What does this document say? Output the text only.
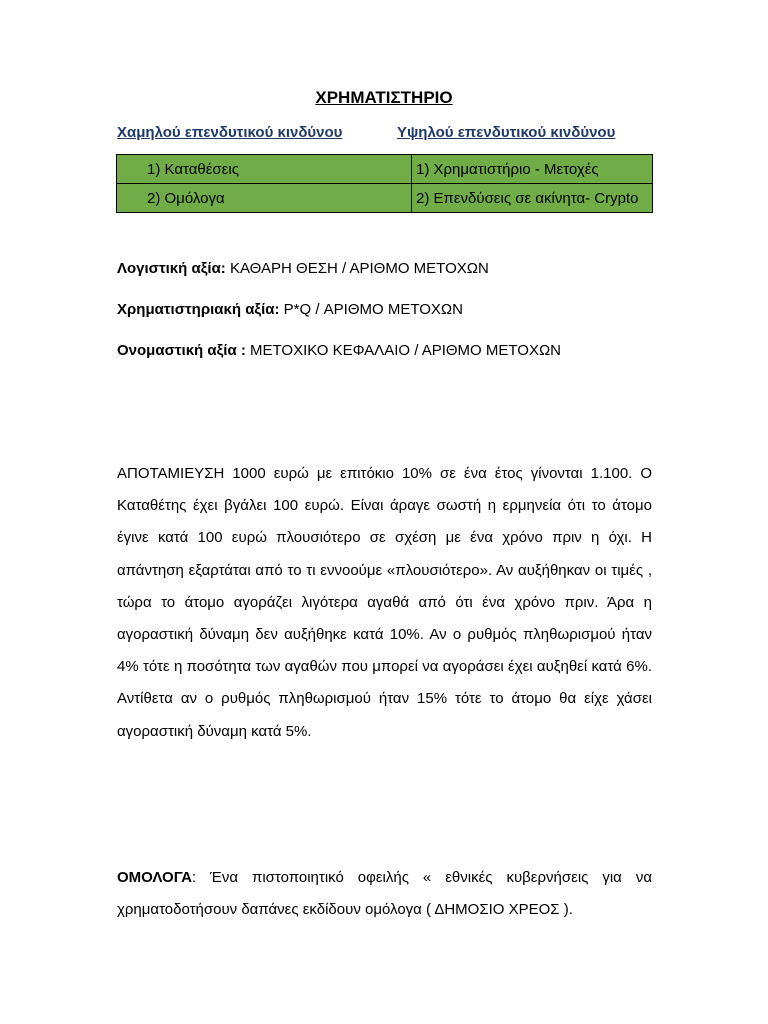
ΧΡΗΜΑΤΙΣΤΗΡΙΟ
Χαμηλού επενδυτικού κινδύνου	Υψηλού επενδυτικού κινδύνου
1) Καταθέσεις	1) Χρηματιστήριο - Μετοχές
2) Ομόλογα	2) Επενδύσεις σε ακίνητα- Crypto
Λογιστική αξία: ΚΑΘΑΡΗ ΘΕΣΗ / ΑΡΙΘΜΟ ΜΕΤΟΧΩΝ
Χρηματιστηριακή αξία: P*Q / ΑΡΙΘΜΟ ΜΕΤΟΧΩΝ
Ονομαστική αξία : ΜΕΤΟΧΙΚΟ ΚΕΦΑΛΑΙΟ / ΑΡΙΘΜΟ ΜΕΤΟΧΩΝ
ΑΠΟΤΑΜΙΕΥΣΗ 1000 ευρώ με επιτόκιο 10% σε ένα έτος γίνονται 1.100. Ο Καταθέτης έχει βγάλει 100 ευρώ. Είναι άραγε σωστή η ερμηνεία ότι το άτομο έγινε κατά 100 ευρώ πλουσιότερο σε σχέση με ένα χρόνο πριν η όχι. Η απάντηση εξαρτάται από το τι εννοούμε «πλουσιότερο». Αν αυξήθηκαν οι τιμές , τώρα το άτομο αγοράζει λιγότερα αγαθά από ότι ένα χρόνο πριν. Άρα η αγοραστική δύναμη δεν αυξήθηκε κατά 10%. Αν ο ρυθμός πληθωρισμού ήταν 4% τότε η ποσότητα των αγαθών που μπορεί να αγοράσει έχει αυξηθεί κατά 6%. Αντίθετα αν ο ρυθμός πληθωρισμού ήταν 15% τότε το άτομο θα είχε χάσει αγοραστική δύναμη κατά 5%.
ΟΜΟΛΟΓΑ: Ένα πιστοποιητικό οφειλής « εθνικές κυβερνήσεις για να χρηματοδοτήσουν δαπάνες εκδίδουν ομόλογα ( ΔΗΜΟΣΙΟ ΧΡΕΟΣ ).
